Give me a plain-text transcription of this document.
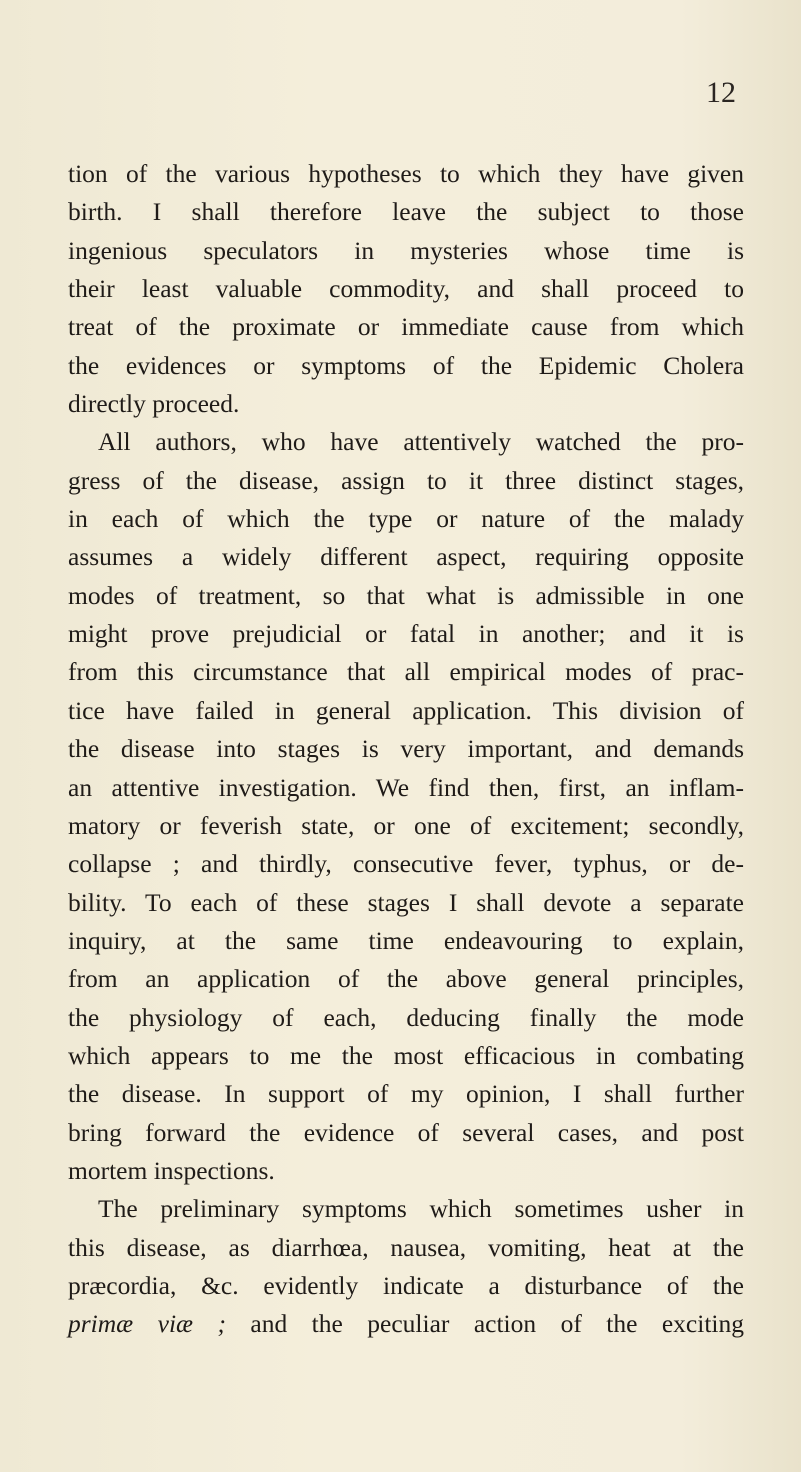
12
tion of the various hypotheses to which they have given
birth. I shall therefore leave the subject to those
ingenious speculators in mysteries whose time is
their least valuable commodity, and shall proceed to
treat of the proximate or immediate cause from which
the evidences or symptoms of the Epidemic Cholera
directly proceed.
All authors, who have attentively watched the pro-
gress of the disease, assign to it three distinct stages,
in each of which the type or nature of the malady
assumes a widely different aspect, requiring opposite
modes of treatment, so that what is admissible in one
might prove prejudicial or fatal in another; and it is
from this circumstance that all empirical modes of prac-
tice have failed in general application. This division of
the disease into stages is very important, and demands
an attentive investigation. We find then, first, an inflam-
matory or feverish state, or one of excitement; secondly,
collapse ; and thirdly, consecutive fever, typhus, or de-
bility. To each of these stages I shall devote a separate
inquiry, at the same time endeavouring to explain,
from an application of the above general principles,
the physiology of each, deducing finally the mode
which appears to me the most efficacious in combating
the disease. In support of my opinion, I shall further
bring forward the evidence of several cases, and post
mortem inspections.
The preliminary symptoms which sometimes usher in
this disease, as diarrhœa, nausea, vomiting, heat at the
præcordia, &c. evidently indicate a disturbance of the
primæ viæ ; and the peculiar action of the exciting
